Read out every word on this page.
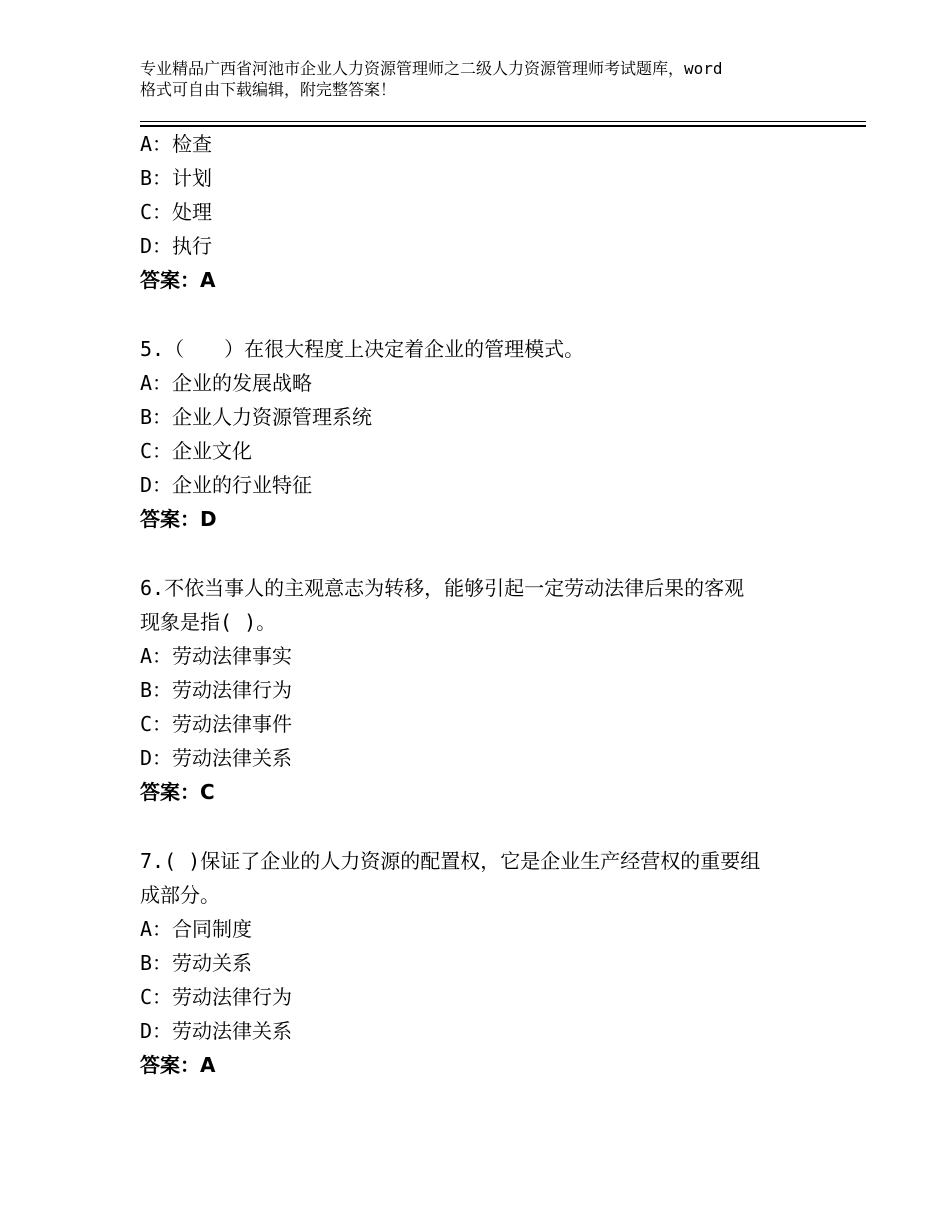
专业精品广西省河池市企业人力资源管理师之二级人力资源管理师考试题库，word

格式可自由下载编辑，附完整答案！

A：检查
B：计划
C：处理
D：执行
答案：A
5.（　　）在很大程度上决定着企业的管理模式。
A：企业的发展战略
B：企业人力资源管理系统
C：企业文化
D：企业的行业特征
答案：D
6.不依当事人的主观意志为转移，能够引起一定劳动法律后果的客观
现象是指( )。
A：劳动法律事实
B：劳动法律行为
C：劳动法律事件
D：劳动法律关系
答案：C
7.( )保证了企业的人力资源的配置权，它是企业生产经营权的重要组
成部分。
A：合同制度
B：劳动关系
C：劳动法律行为
D：劳动法律关系
答案：A
